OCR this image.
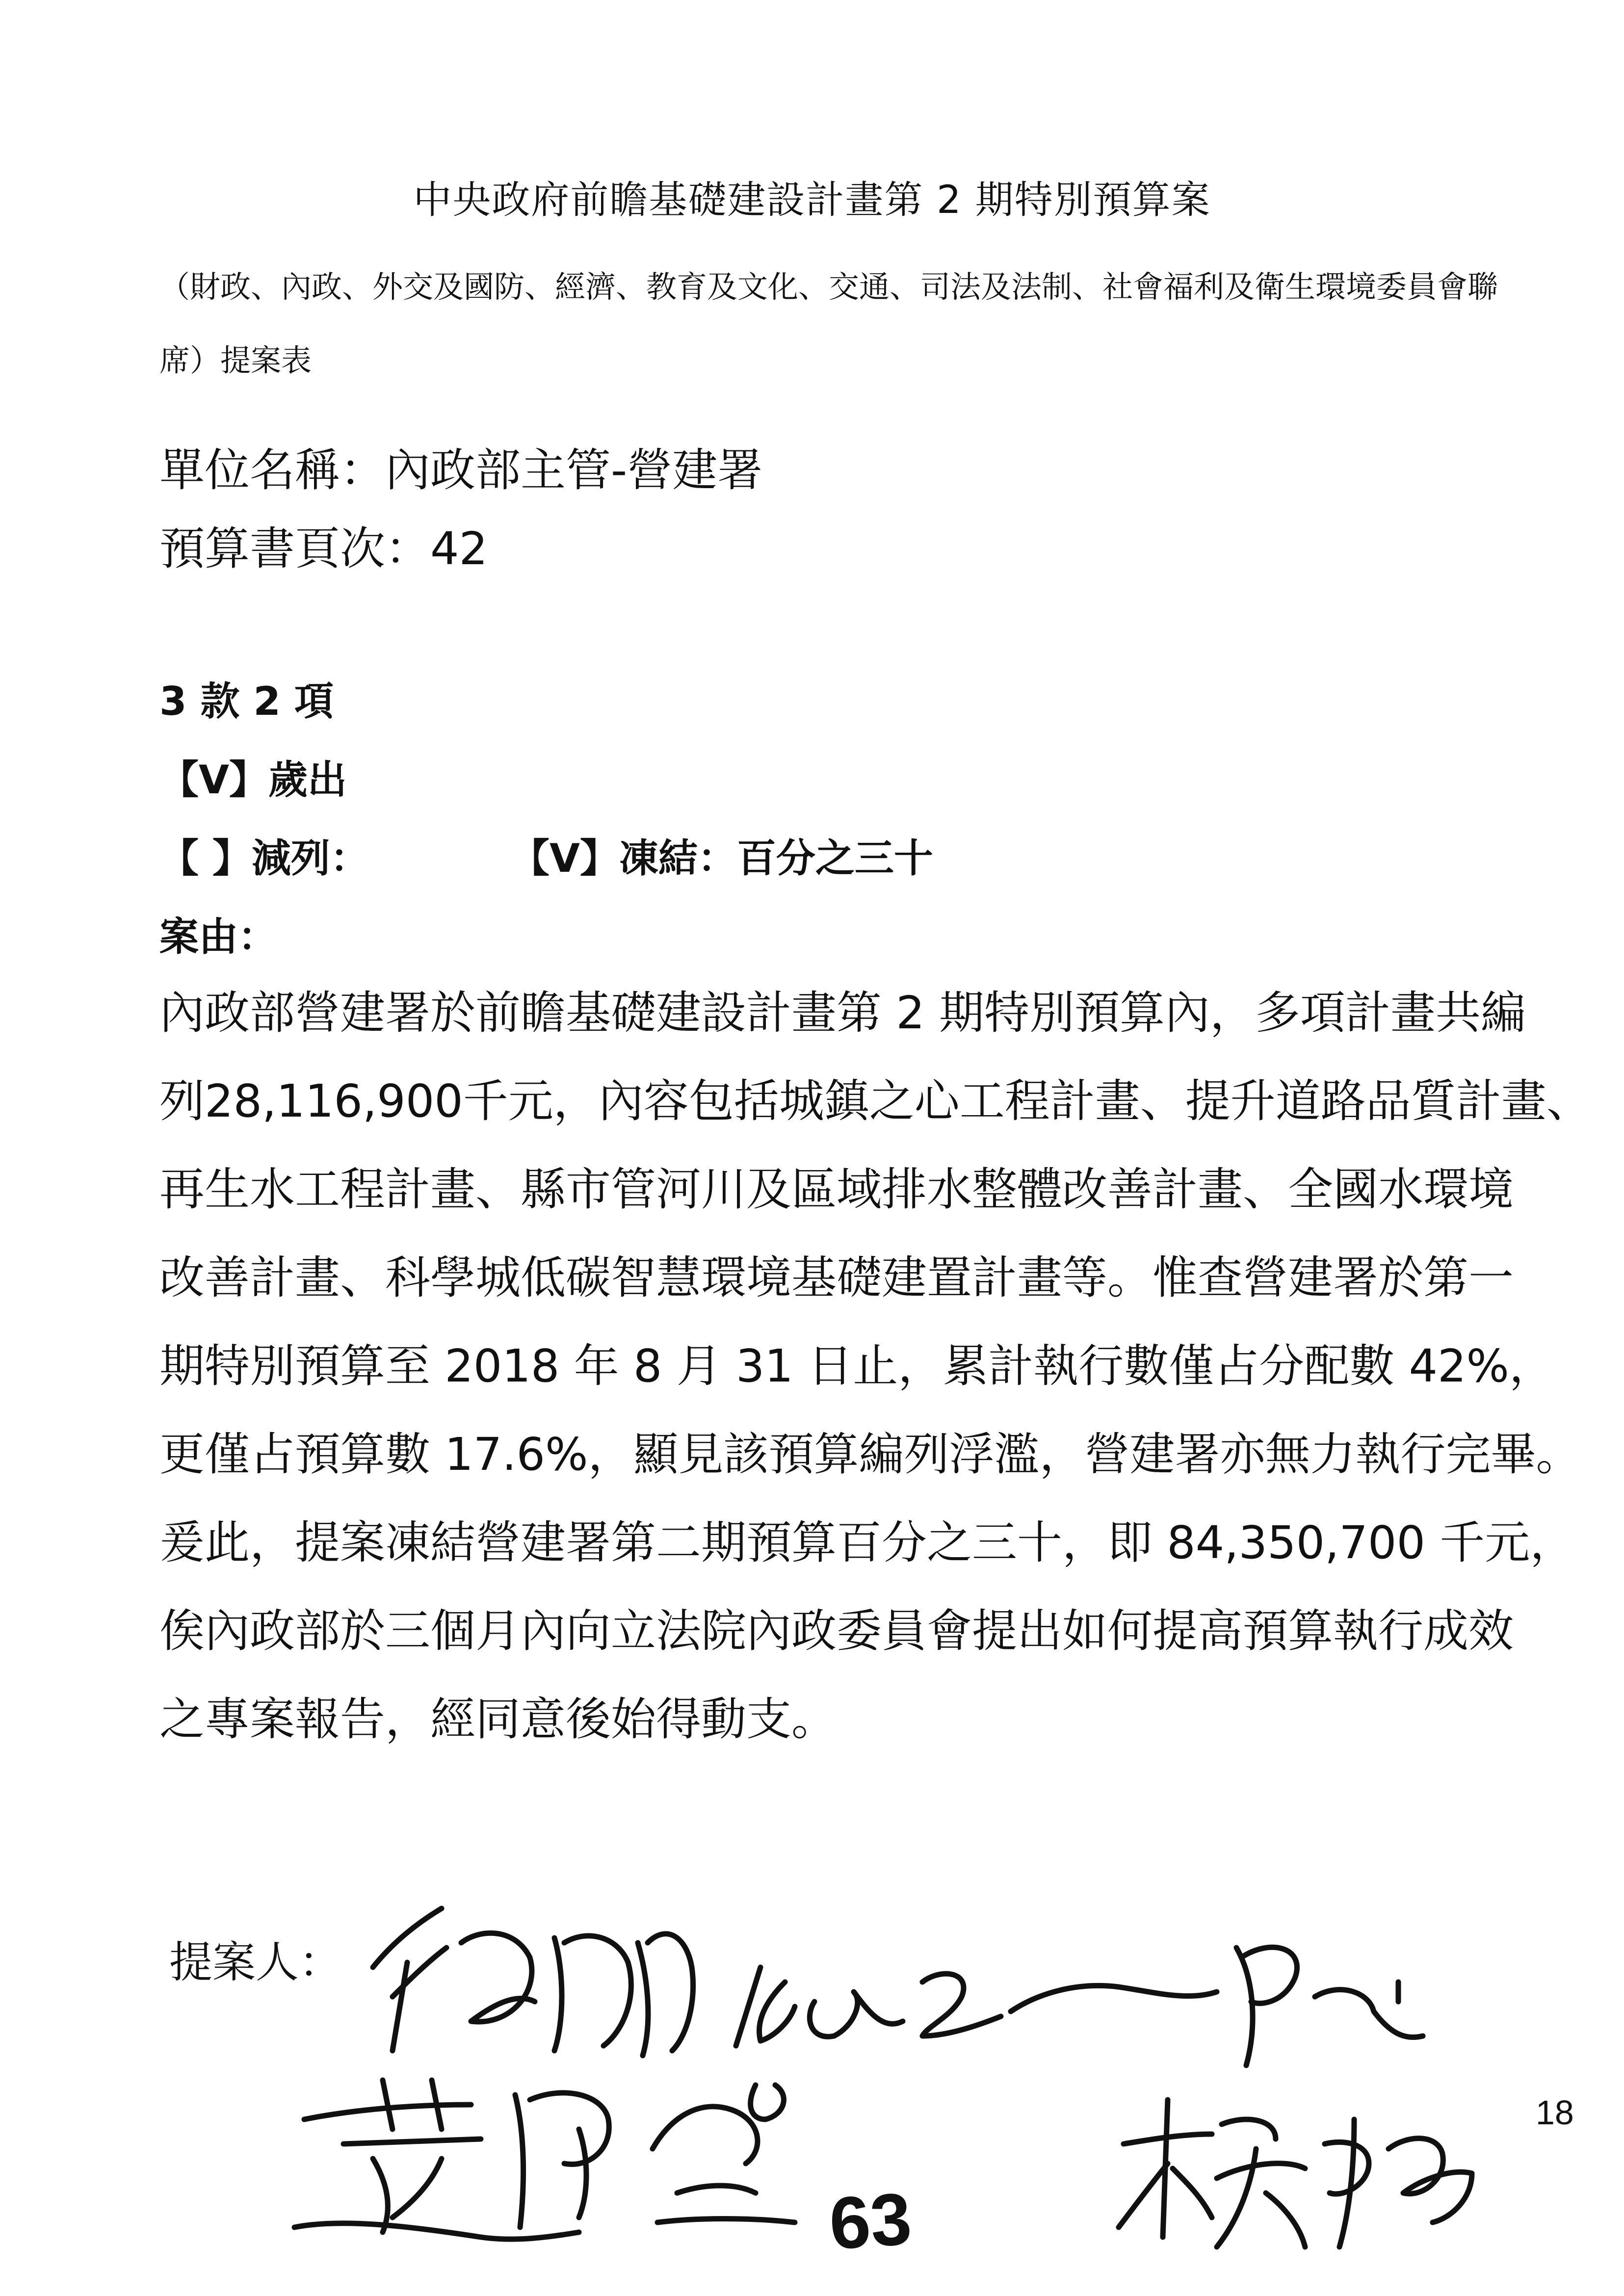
中央政府前瞻基礎建設計畫第 2 期特別預算案
（財政、內政、外交及國防、經濟、教育及文化、交通、司法及法制、社會福利及衛生環境委員會聯席）提案表
單位名稱：內政部主管-營建署
預算書頁次：42
3 款 2 項
【V】歲出
【 】減列：	【V】凍結：百分之三十
案由：
內政部營建署於前瞻基礎建設計畫第 2 期特別預算內，多項計畫共編
列28,116,900千元，內容包括城鎮之心工程計畫、提升道路品質計畫、
再生水工程計畫、縣市管河川及區域排水整體改善計畫、全國水環境
改善計畫、科學城低碳智慧環境基礎建置計畫等。惟查營建署於第一
期特別預算至 2018 年 8 月 31 日止，累計執行數僅占分配數 42%，
更僅占預算數 17.6%，顯見該預算編列浮濫，營建署亦無力執行完畢。
爰此，提案凍結營建署第二期預算百分之三十，即 84,350,700 千元，
俟內政部於三個月內向立法院內政委員會提出如何提高預算執行成效
之專案報告，經同意後始得動支。
提案人：
63
18
